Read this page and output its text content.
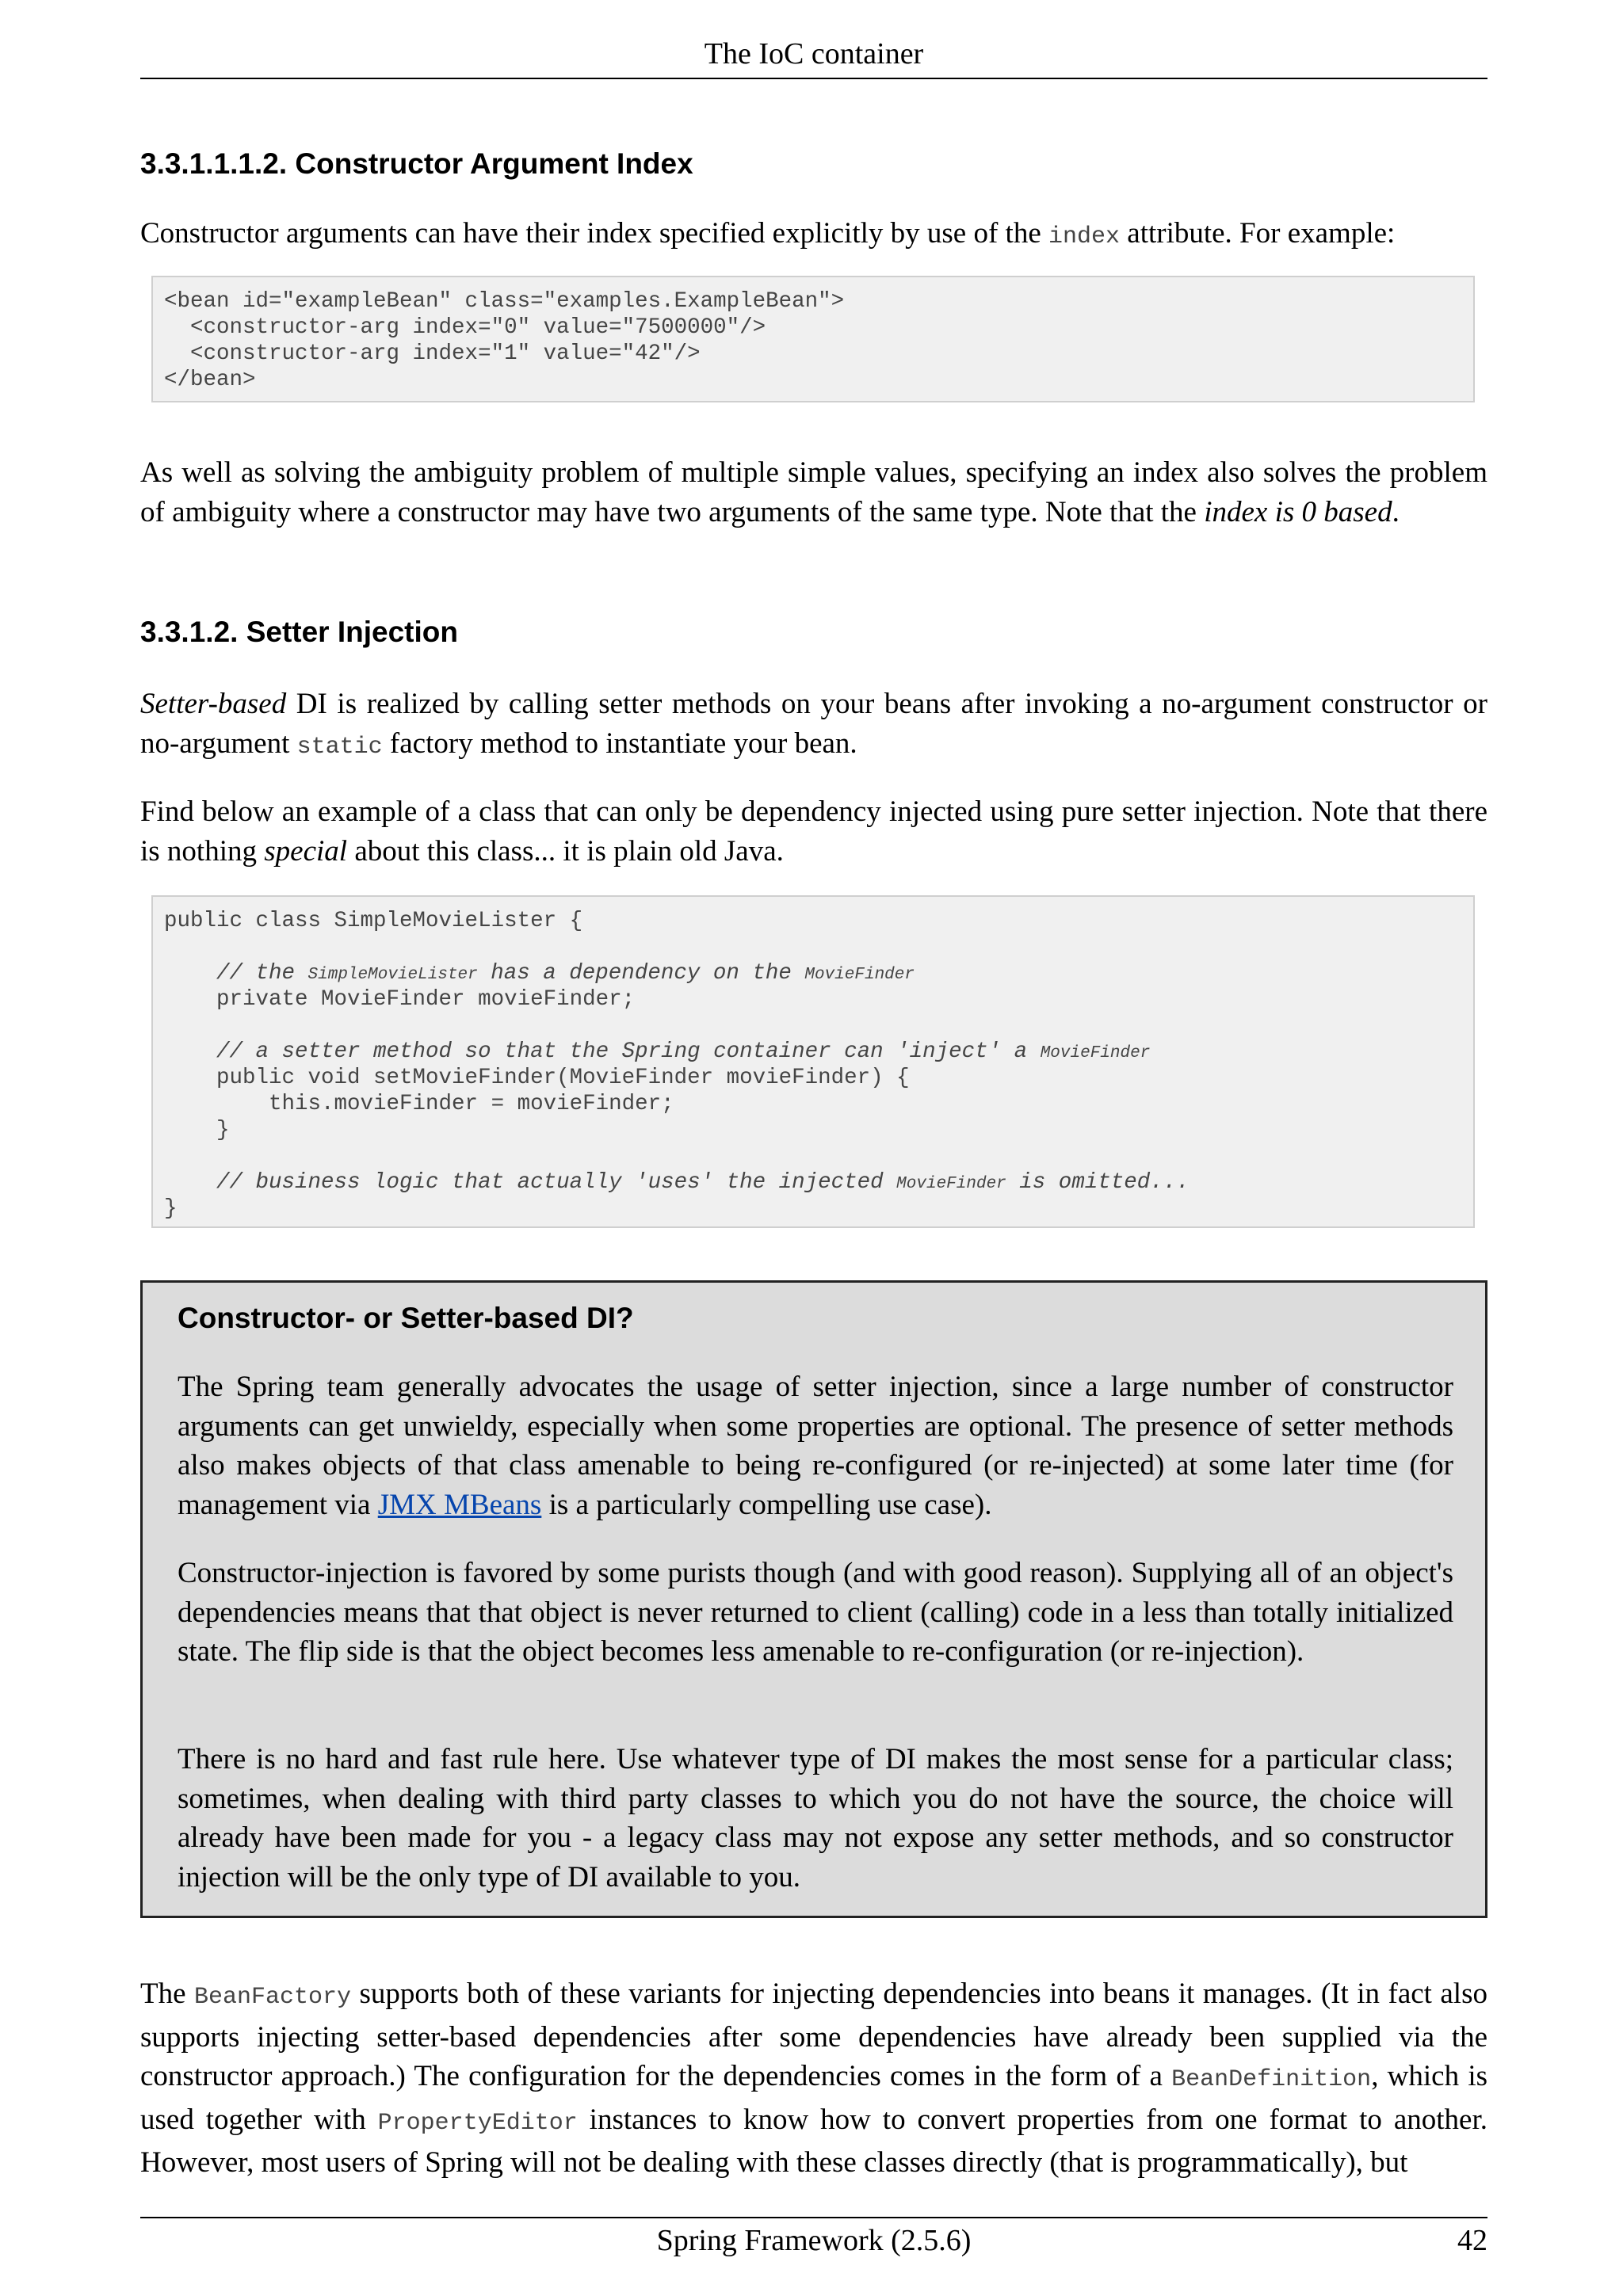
The IoC container
3.3.1.1.1.2. Constructor Argument Index

Constructor arguments can have their index specified explicitly by use of the index attribute. For example:

<bean id="exampleBean" class="examples.ExampleBean">
<constructor-arg index="0" value="7500000"/>
<constructor-arg index="1" value="42"/>
</bean>

As well as solving the ambiguity problem of multiple simple values, specifying an index also solves the problem of ambiguity where a constructor may have two arguments of the same type. Note that the index is 0 based.

3.3.1.2. Setter Injection

Setter-based DI is realized by calling setter methods on your beans after invoking a no-argument constructor or no-argument static factory method to instantiate your bean.

Find below an example of a class that can only be dependency injected using pure setter injection. Note that there is nothing special about this class... it is plain old Java.

public class SimpleMovieLister {
// the SimpleMovieLister has a dependency on the MovieFinder
private MovieFinder movieFinder;
// a setter method so that the Spring container can 'inject' a MovieFinder
public void setMovieFinder(MovieFinder movieFinder) {
this.movieFinder = movieFinder;
}
// business logic that actually 'uses' the injected MovieFinder is omitted...
}
Constructor- or Setter-based DI?

The Spring team generally advocates the usage of setter injection, since a large number of constructor arguments can get unwieldy, especially when some properties are optional. The presence of setter methods also makes objects of that class amenable to being re-configured (or re-injected) at some later time (for management via JMX MBeans is a particularly compelling use case).

Constructor-injection is favored by some purists though (and with good reason). Supplying all of an object's dependencies means that that object is never returned to client (calling) code in a less than totally initialized state. The flip side is that the object becomes less amenable to re-configuration (or re-injection).

There is no hard and fast rule here. Use whatever type of DI makes the most sense for a particular class; sometimes, when dealing with third party classes to which you do not have the source, the choice will already have been made for you - a legacy class may not expose any setter methods, and so constructor injection will be the only type of DI available to you.

The BeanFactory supports both of these variants for injecting dependencies into beans it manages. (It in fact also supports injecting setter-based dependencies after some dependencies have already been supplied via the constructor approach.) The configuration for the dependencies comes in the form of a BeanDefinition, which is used together with PropertyEditor instances to know how to convert properties from one format to another. However, most users of Spring will not be dealing with these classes directly (that is programmatically), but

Spring Framework (2.5.6)	42
